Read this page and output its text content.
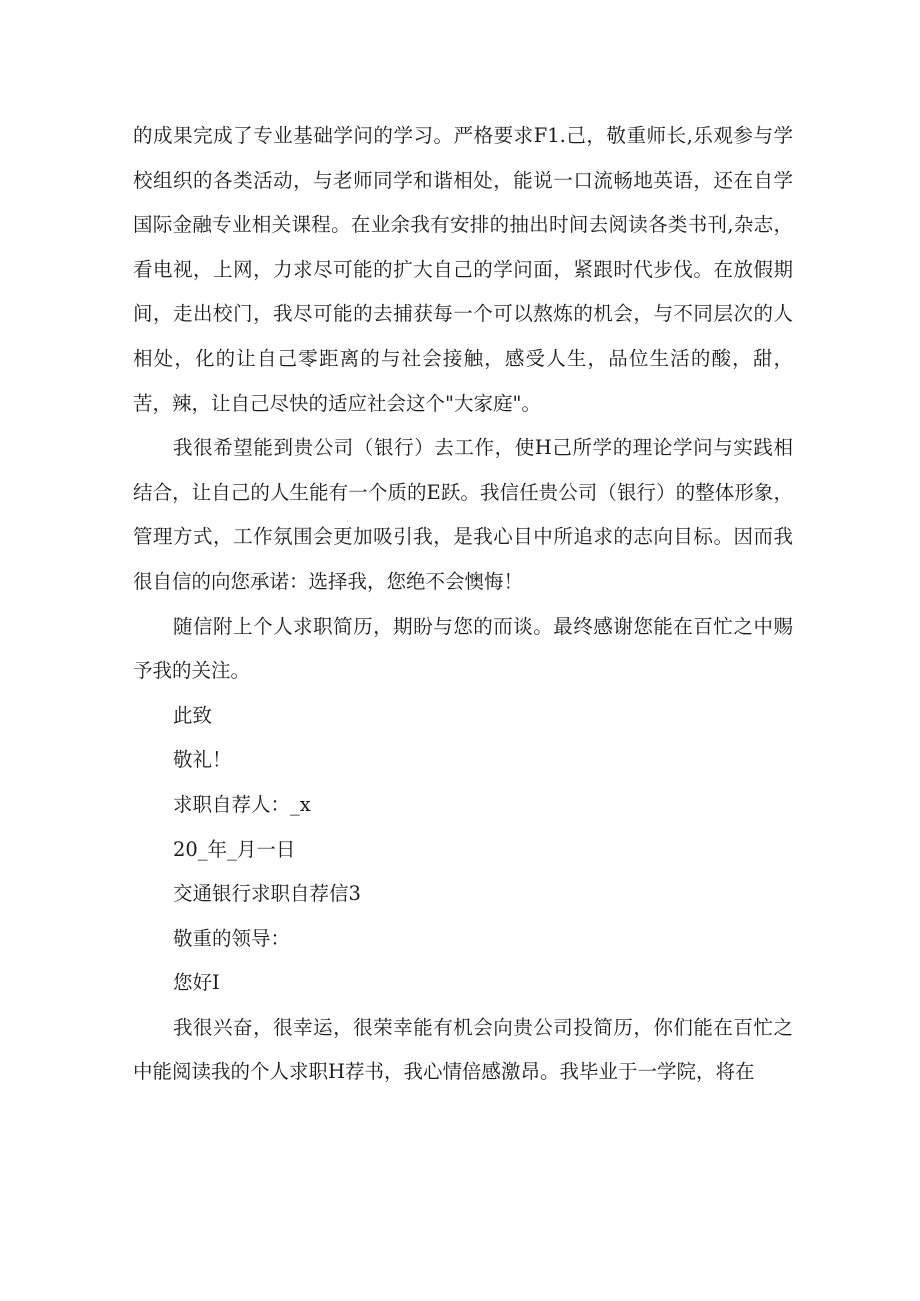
的成果完成了专业基础学问的学习。严格要求F1.己，敬重师长,乐观参与学校组织的各类活动，与老师同学和谐相处，能说一口流畅地英语，还在自学国际金融专业相关课程。在业余我有安排的抽出时间去阅读各类书刊,杂志，看电视，上网，力求尽可能的扩大自己的学问面，紧跟时代步伐。在放假期间，走出校门，我尽可能的去捕获每一个可以熬炼的机会，与不同层次的人相处，化的让自己零距离的与社会接触，感受人生，品位生活的酸，甜，苦，辣，让自己尽快的适应社会这个"大家庭"。

我很希望能到贵公司（银行）去工作，使H己所学的理论学问与实践相结合，让自己的人生能有一个质的E跃。我信任贵公司（银行）的整体形象，管理方式，工作氛围会更加吸引我，是我心目中所追求的志向目标。因而我很自信的向您承诺：选择我，您绝不会懊悔！

随信附上个人求职简历，期盼与您的而谈。最终感谢您能在百忙之中赐予我的关注。

此致

敬礼！

求职自荐人：_x

20_年_月一日

交通银行求职自荐信3

敬重的领导：

您好I

我很兴奋，很幸运，很荣幸能有机会向贵公司投简历，你们能在百忙之中能阅读我的个人求职H荐书，我心情倍感激昂。我毕业于一学院，将在
